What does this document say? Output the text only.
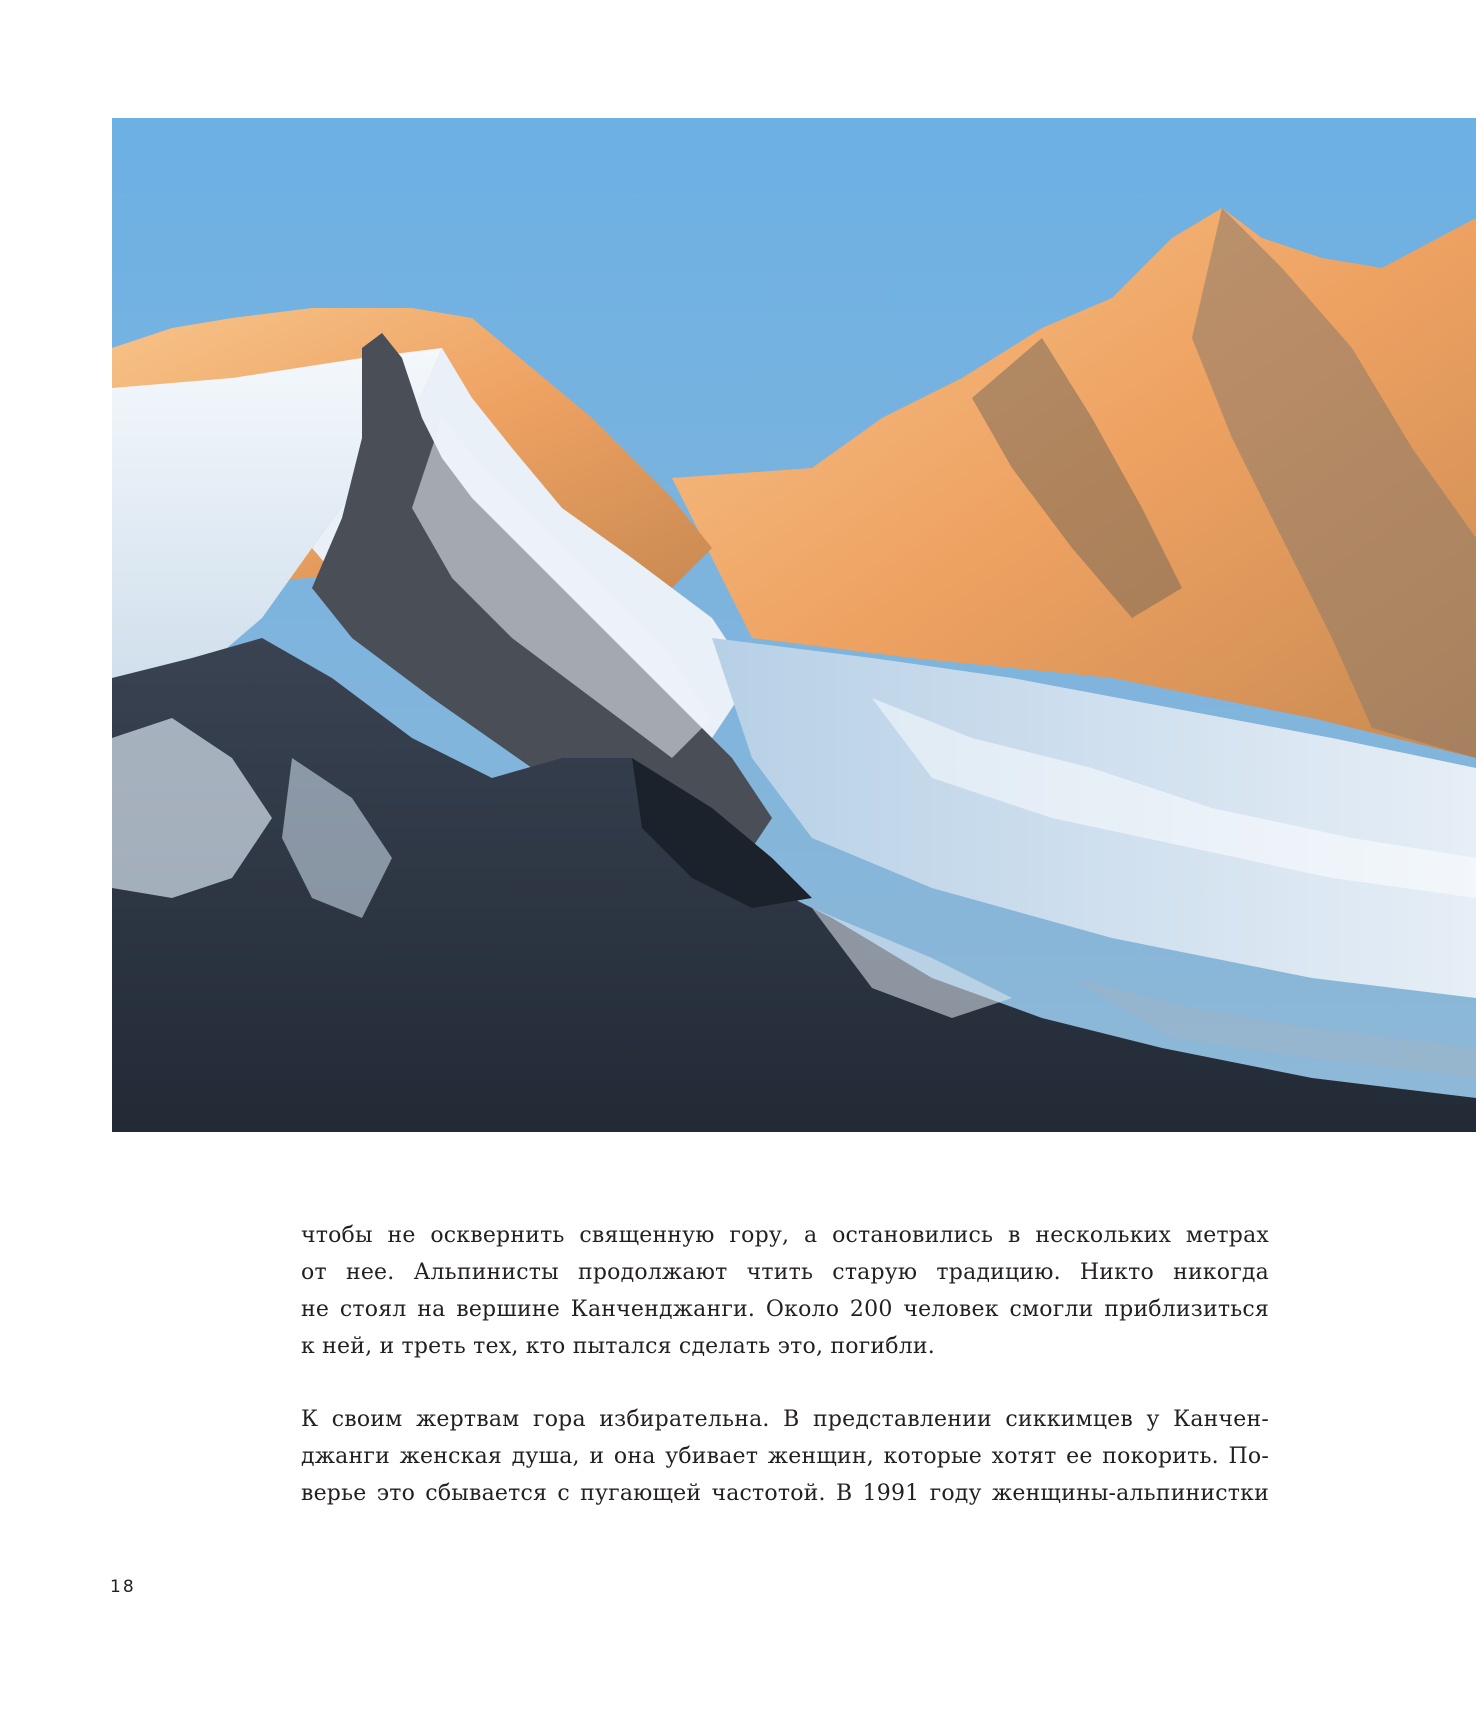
чтобы не осквернить священную гору, а остановились в нескольких метрах
от нее. Альпинисты продолжают чтить старую традицию. Никто никогда
не стоял на вершине Канченджанги. Около 200 человек смогли приблизиться
к ней, и треть тех, кто пытался сделать это, погибли.

К своим жертвам гора избирательна. В представлении сиккимцев у Канчен-
джанги женская душа, и она убивает женщин, которые хотят ее покорить. По-
верье это сбывается с пугающей частотой. В 1991 году женщины-альпинистки

18
